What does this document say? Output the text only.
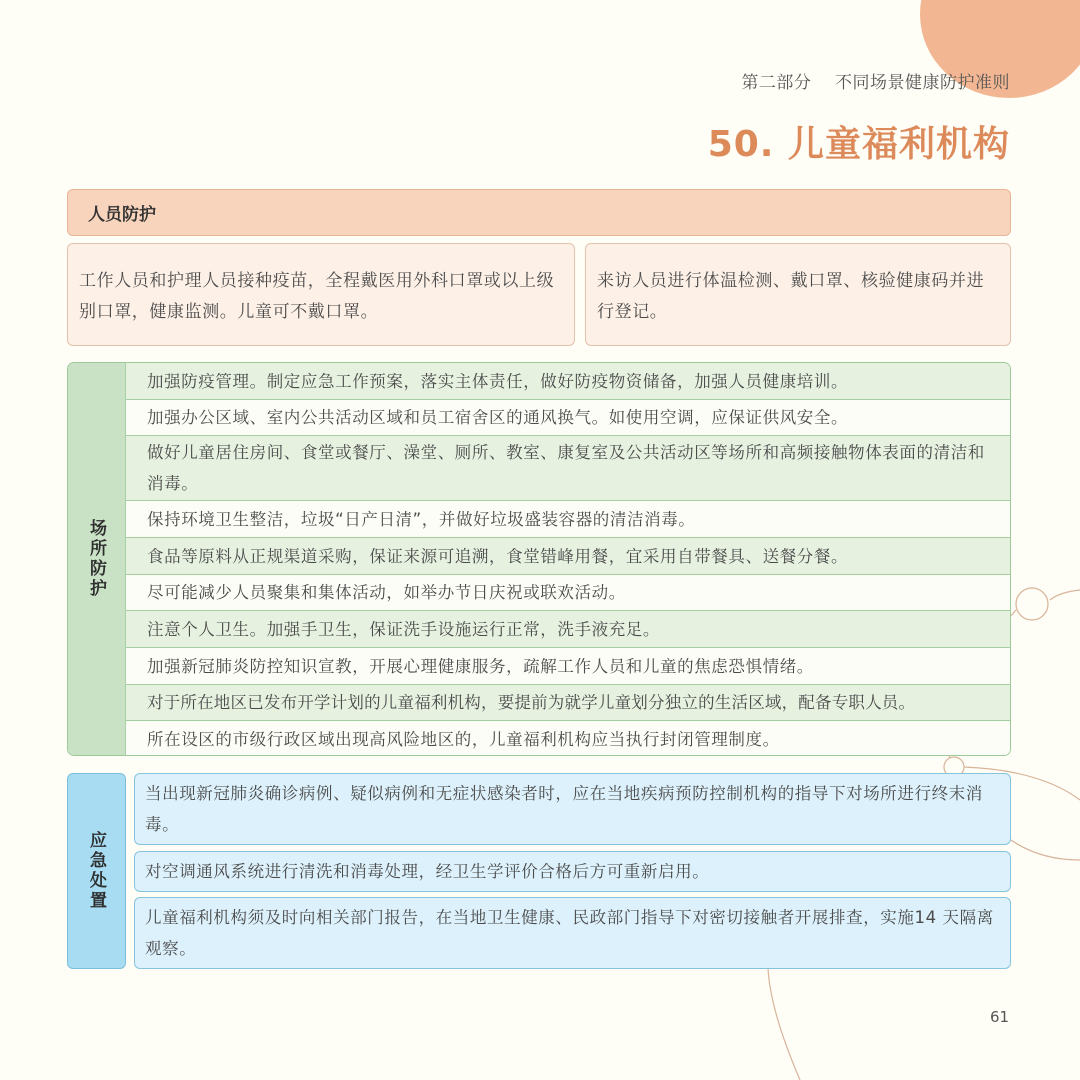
第二部分    不同场景健康防护准则
50. 儿童福利机构
人员防护
工作人员和护理人员接种疫苗，全程戴医用外科口罩或以上级别口罩，健康监测。儿童可不戴口罩。
来访人员进行体温检测、戴口罩、核验健康码并进行登记。
场所防护
加强防疫管理。制定应急工作预案，落实主体责任，做好防疫物资储备，加强人员健康培训。
加强办公区域、室内公共活动区域和员工宿舍区的通风换气。如使用空调，应保证供风安全。
做好儿童居住房间、食堂或餐厅、澡堂、厕所、教室、康复室及公共活动区等场所和高频接触物体表面的清洁和消毒。
保持环境卫生整洁，垃圾“日产日清”，并做好垃圾盛装容器的清洁消毒。
食品等原料从正规渠道采购，保证来源可追溯，食堂错峰用餐，宜采用自带餐具、送餐分餐。
尽可能减少人员聚集和集体活动，如举办节日庆祝或联欢活动。
注意个人卫生。加强手卫生，保证洗手设施运行正常，洗手液充足。
加强新冠肺炎防控知识宣教，开展心理健康服务，疏解工作人员和儿童的焦虑恐惧情绪。
对于所在地区已发布开学计划的儿童福利机构，要提前为就学儿童划分独立的生活区域，配备专职人员。
所在设区的市级行政区域出现高风险地区的，儿童福利机构应当执行封闭管理制度。
应急处置
当出现新冠肺炎确诊病例、疑似病例和无症状感染者时，应在当地疾病预防控制机构的指导下对场所进行终末消毒。
对空调通风系统进行清洗和消毒处理，经卫生学评价合格后方可重新启用。
儿童福利机构须及时向相关部门报告，在当地卫生健康、民政部门指导下对密切接触者开展排查，实施14 天隔离观察。
61
